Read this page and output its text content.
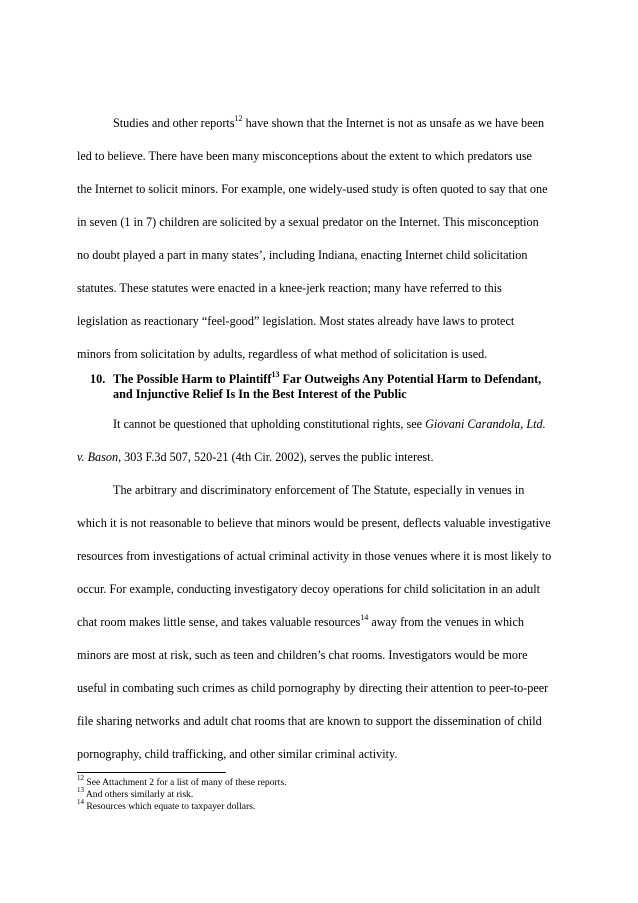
Studies and other reports$^{12}$ have shown that the Internet is not as unsafe as we have been
led to believe. There have been many misconceptions about the extent to which predators use
the Internet to solicit minors. For example, one widely-used study is often quoted to say that one
in seven (1 in 7) children are solicited by a sexual predator on the Internet. This misconception
no doubt played a part in many states’, including Indiana, enacting Internet child solicitation
statutes. These statutes were enacted in a knee-jerk reaction; many have referred to this
legislation as reactionary “feel-good” legislation. Most states already have laws to protect
minors from solicitation by adults, regardless of what method of solicitation is used.
10. The Possible Harm to Plaintiff$^{13}$ Far Outweighs Any Potential Harm to Defendant,
and Injunctive Relief Is In the Best Interest of the Public
It cannot be questioned that upholding constitutional rights, see Giovani Carandola, Ltd.
v. Bason, 303 F.3d 507, 520-21 (4th Cir. 2002), serves the public interest.
The arbitrary and discriminatory enforcement of The Statute, especially in venues in
which it is not reasonable to believe that minors would be present, deflects valuable investigative
resources from investigations of actual criminal activity in those venues where it is most likely to
occur. For example, conducting investigatory decoy operations for child solicitation in an adult
chat room makes little sense, and takes valuable resources$^{14}$ away from the venues in which
minors are most at risk, such as teen and children’s chat rooms. Investigators would be more
useful in combating such crimes as child pornography by directing their attention to peer-to-peer
file sharing networks and adult chat rooms that are known to support the dissemination of child
pornography, child trafficking, and other similar criminal activity.
$^{12}$ See Attachment 2 for a list of many of these reports.
$^{13}$ And others similarly at risk.
$^{14}$ Resources which equate to taxpayer dollars.
